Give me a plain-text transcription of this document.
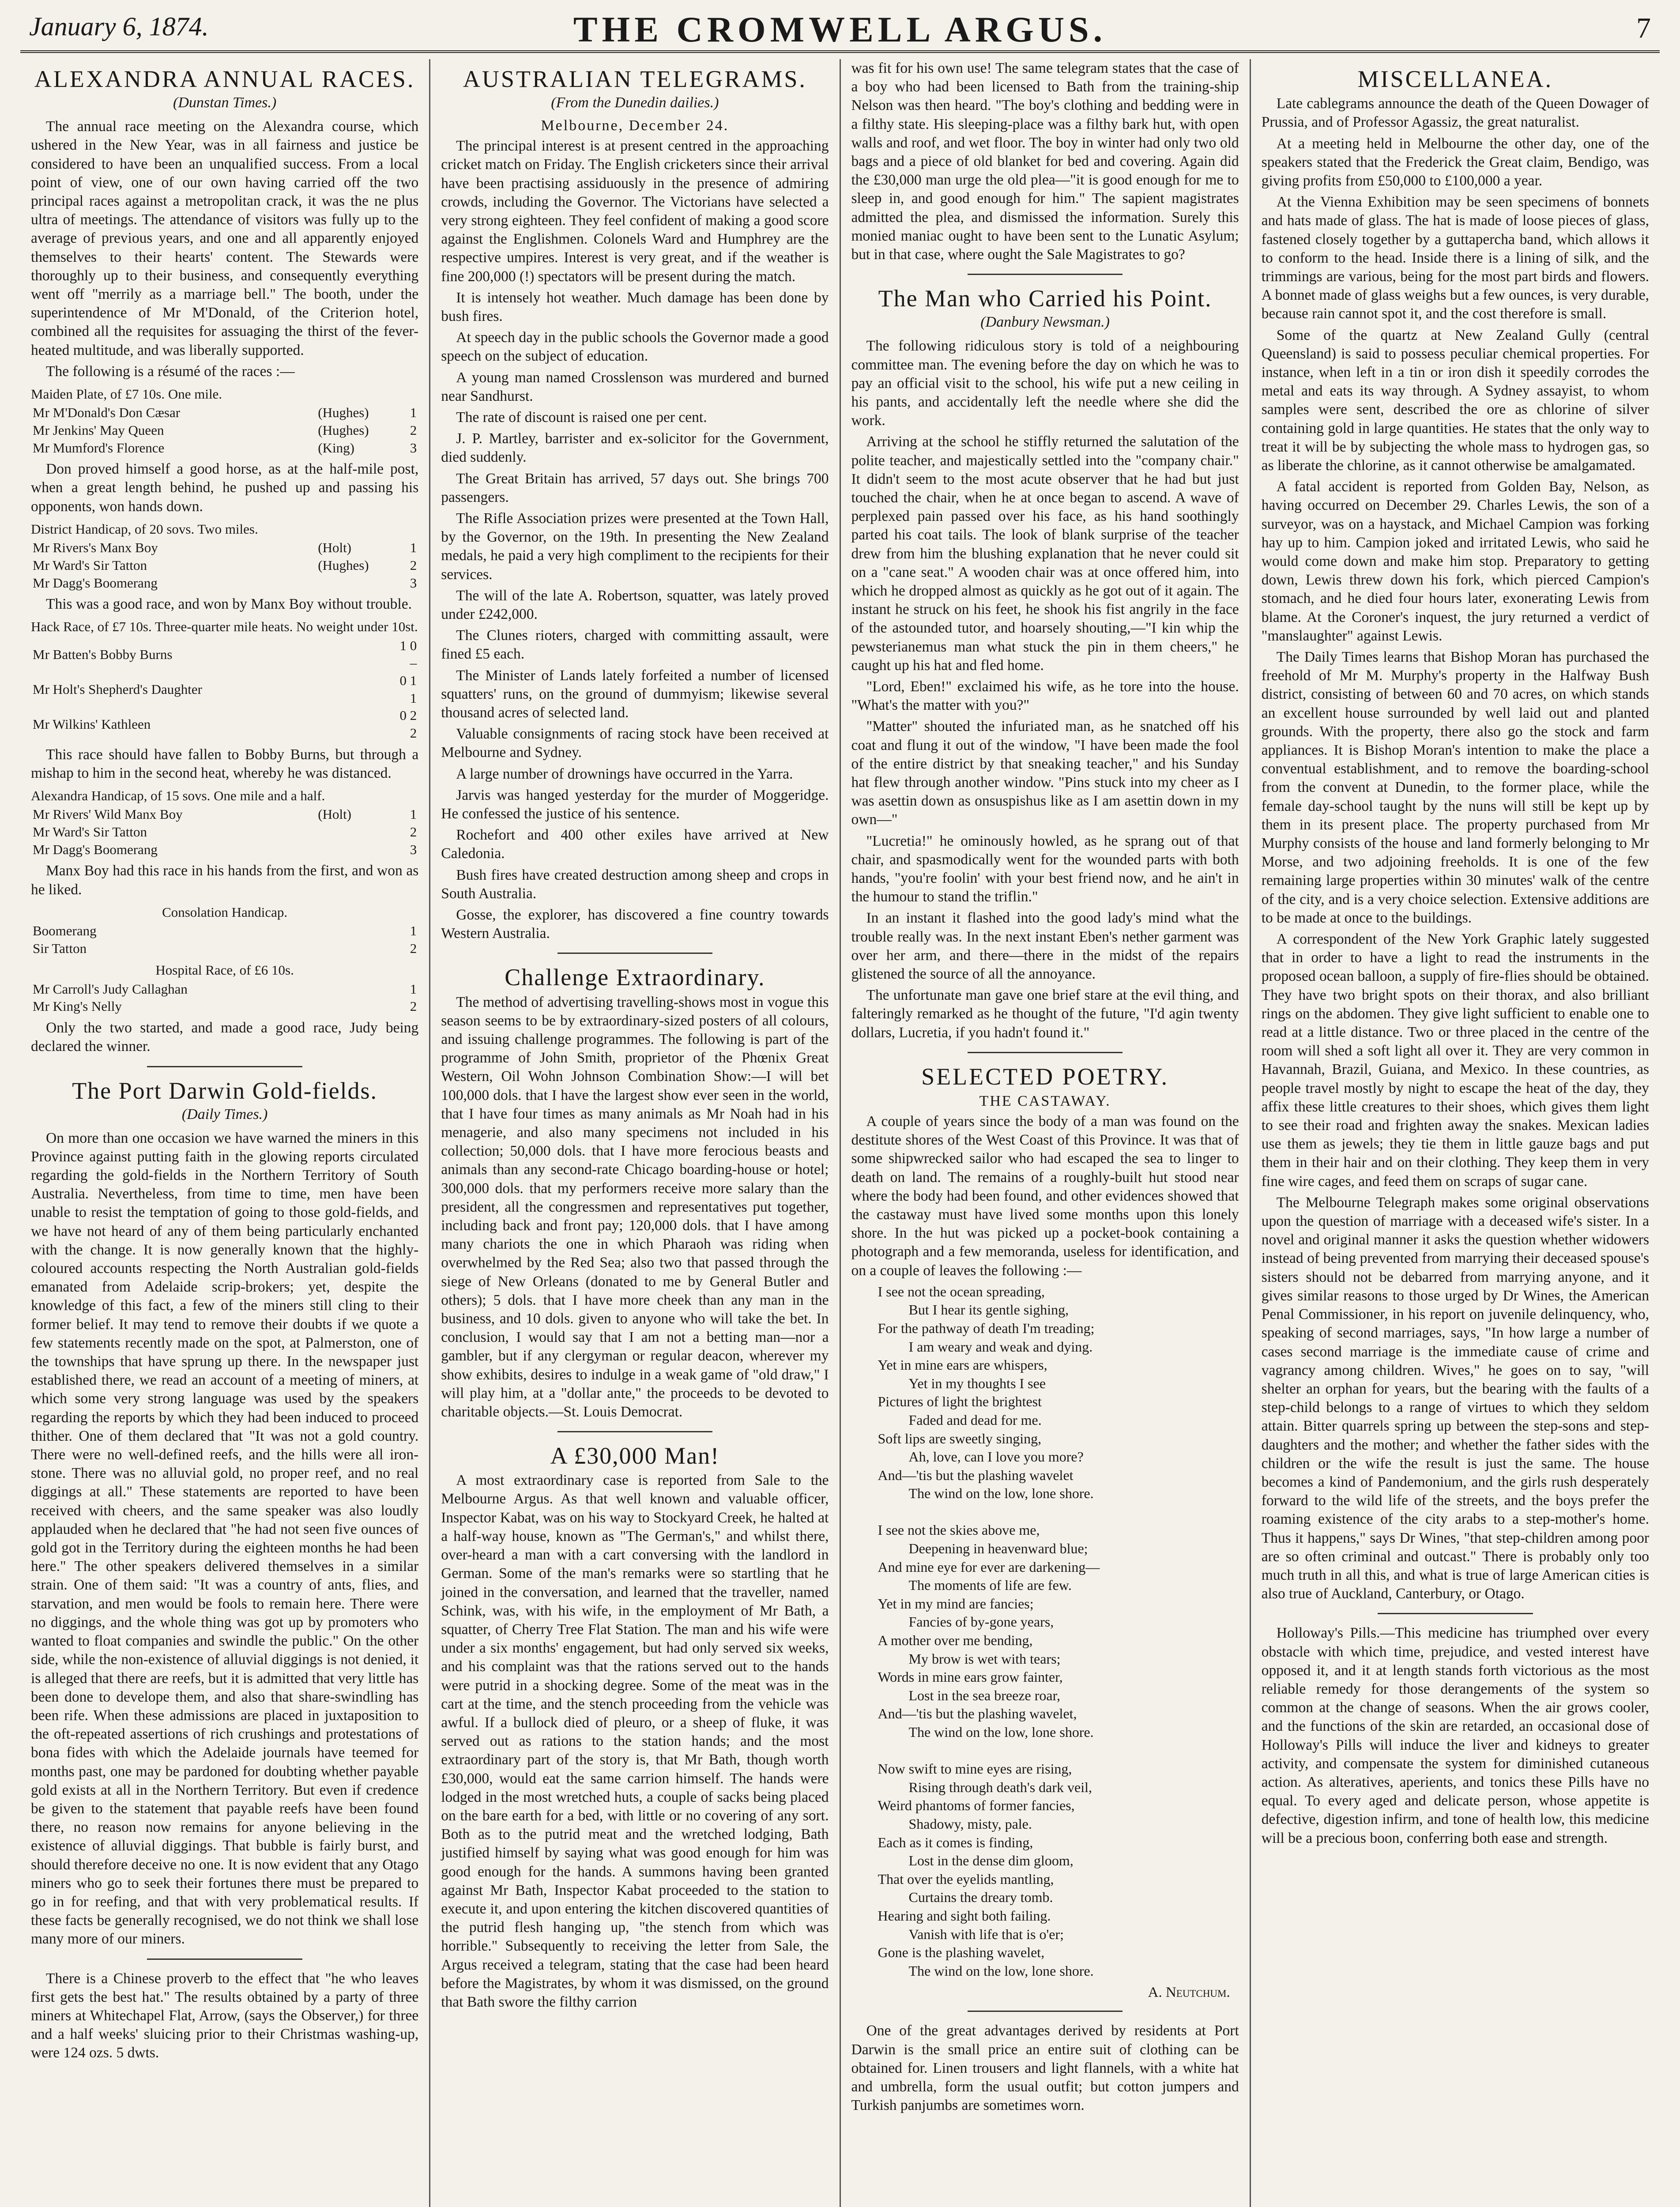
January 6, 1874.	THE CROMWELL ARGUS.	7
ALEXANDRA ANNUAL RACES.
(Dunstan Times.)

The annual race meeting on the Alexandra course, which ushered in the New Year, was in all fairness and justice be considered to have been an unqualified success. From a local point of view, one of our own having carried off the two principal races against a metropolitan crack, it was the ne plus ultra of meetings. The attendance of visitors was fully up to the average of previous years, and one and all apparently enjoyed themselves to their hearts' content. The Stewards were thoroughly up to their business, and consequently everything went off "merrily as a marriage bell." The booth, under the superintendence of Mr M'Donald, of the Criterion hotel, combined all the requisites for assuaging the thirst of the fever-heated multitude, and was liberally supported.

The following is a résumé of the races :—

Maiden Plate, of £7 10s. One mile.
Mr M'Donald's Don Cæsar	(Hughes)	1
Mr Jenkins' May Queen	(Hughes)	2
Mr Mumford's Florence	(King)	3

Don proved himself a good horse, as at the half-mile post, when a great length behind, he pushed up and passing his opponents, won hands down.

District Handicap, of 20 sovs. Two miles.
Mr Rivers's Manx Boy	(Holt)	1
Mr Ward's Sir Tatton	(Hughes)	2
Mr Dagg's Boomerang		3

This was a good race, and won by Manx Boy without trouble.

Hack Race, of £7 10s. Three-quarter mile heats. No weight under 10st.
Mr Batten's Bobby Burns		1 0 –
Mr Holt's Shepherd's Daughter		0 1 1
Mr Wilkins' Kathleen		0 2 2

This race should have fallen to Bobby Burns, but through a mishap to him in the second heat, whereby he was distanced.

Alexandra Handicap, of 15 sovs. One mile and a half.
Mr Rivers' Wild Manx Boy	(Holt)	1
Mr Ward's Sir Tatton		2
Mr Dagg's Boomerang		3

Manx Boy had this race in his hands from the first, and won as he liked.

Consolation Handicap.
Boomerang		1
Sir Tatton		2
Hospital Race, of £6 10s.
Mr Carroll's Judy Callaghan		1
Mr King's Nelly		2

Only the two started, and made a good race, Judy being declared the winner.

The Port Darwin Gold-fields.
(Daily Times.)

On more than one occasion we have warned the miners in this Province against putting faith in the glowing reports circulated regarding the gold-fields in the Northern Territory of South Australia. Nevertheless, from time to time, men have been unable to resist the temptation of going to those gold-fields, and we have not heard of any of them being particularly enchanted with the change. It is now generally known that the highly-coloured accounts respecting the North Australian gold-fields emanated from Adelaide scrip-brokers; yet, despite the knowledge of this fact, a few of the miners still cling to their former belief. It may tend to remove their doubts if we quote a few statements recently made on the spot, at Palmerston, one of the townships that have sprung up there. In the newspaper just established there, we read an account of a meeting of miners, at which some very strong language was used by the speakers regarding the reports by which they had been induced to proceed thither. One of them declared that "It was not a gold country. There were no well-defined reefs, and the hills were all iron-stone. There was no alluvial gold, no proper reef, and no real diggings at all." These statements are reported to have been received with cheers, and the same speaker was also loudly applauded when he declared that "he had not seen five ounces of gold got in the Territory during the eighteen months he had been here." The other speakers delivered themselves in a similar strain. One of them said: "It was a country of ants, flies, and starvation, and men would be fools to remain here. There were no diggings, and the whole thing was got up by promoters who wanted to float companies and swindle the public." On the other side, while the non-existence of alluvial diggings is not denied, it is alleged that there are reefs, but it is admitted that very little has been done to develope them, and also that share-swindling has been rife. When these admissions are placed in juxtaposition to the oft-repeated assertions of rich crushings and protestations of bona fides with which the Adelaide journals have teemed for months past, one may be pardoned for doubting whether payable gold exists at all in the Northern Territory. But even if credence be given to the statement that payable reefs have been found there, no reason now remains for anyone believing in the existence of alluvial diggings. That bubble is fairly burst, and should therefore deceive no one. It is now evident that any Otago miners who go to seek their fortunes there must be prepared to go in for reefing, and that with very problematical results. If these facts be generally recognised, we do not think we shall lose many more of our miners.

There is a Chinese proverb to the effect that "he who leaves first gets the best hat." The results obtained by a party of three miners at Whitechapel Flat, Arrow, (says the Observer,) for three and a half weeks' sluicing prior to their Christmas washing-up, were 124 ozs. 5 dwts.

AUSTRALIAN TELEGRAMS.
(From the Dunedin dailies.)
Melbourne, December 24.

The principal interest is at present centred in the approaching cricket match on Friday. The English cricketers since their arrival have been practising assiduously in the presence of admiring crowds, including the Governor. The Victorians have selected a very strong eighteen. They feel confident of making a good score against the Englishmen. Colonels Ward and Humphrey are the respective umpires. Interest is very great, and if the weather is fine 200,000 (!) spectators will be present during the match.

It is intensely hot weather. Much damage has been done by bush fires.

At speech day in the public schools the Governor made a good speech on the subject of education.

A young man named Crosslenson was murdered and burned near Sandhurst.

The rate of discount is raised one per cent.

J. P. Martley, barrister and ex-solicitor for the Government, died suddenly.

The Great Britain has arrived, 57 days out. She brings 700 passengers.

The Rifle Association prizes were presented at the Town Hall, by the Governor, on the 19th. In presenting the New Zealand medals, he paid a very high compliment to the recipients for their services.

The will of the late A. Robertson, squatter, was lately proved under £242,000.

The Clunes rioters, charged with committing assault, were fined £5 each.

The Minister of Lands lately forfeited a number of licensed squatters' runs, on the ground of dummyism; likewise several thousand acres of selected land.

Valuable consignments of racing stock have been received at Melbourne and Sydney.

A large number of drownings have occurred in the Yarra.

Jarvis was hanged yesterday for the murder of Moggeridge. He confessed the justice of his sentence.

Rochefort and 400 other exiles have arrived at New Caledonia.

Bush fires have created destruction among sheep and crops in South Australia.

Gosse, the explorer, has discovered a fine country towards Western Australia.

Challenge Extraordinary.

The method of advertising travelling-shows most in vogue this season seems to be by extraordinary-sized posters of all colours, and issuing challenge programmes. The following is part of the programme of John Smith, proprietor of the Phœnix Great Western, Oil Wohn Johnson Combination Show:—I will bet 100,000 dols. that I have the largest show ever seen in the world, that I have four times as many animals as Mr Noah had in his menagerie, and also many specimens not included in his collection; 50,000 dols. that I have more ferocious beasts and animals than any second-rate Chicago boarding-house or hotel; 300,000 dols. that my performers receive more salary than the president, all the congressmen and representatives put together, including back and front pay; 120,000 dols. that I have among many chariots the one in which Pharaoh was riding when overwhelmed by the Red Sea; also two that passed through the siege of New Orleans (donated to me by General Butler and others); 5 dols. that I have more cheek than any man in the business, and 10 dols. given to anyone who will take the bet. In conclusion, I would say that I am not a betting man—nor a gambler, but if any clergyman or regular deacon, wherever my show exhibits, desires to indulge in a weak game of "old draw," I will play him, at a "dollar ante," the proceeds to be devoted to charitable objects.—St. Louis Democrat.

A £30,000 Man!

A most extraordinary case is reported from Sale to the Melbourne Argus. As that well known and valuable officer, Inspector Kabat, was on his way to Stockyard Creek, he halted at a half-way house, known as "The German's," and whilst there, over-heard a man with a cart conversing with the landlord in German. Some of the man's remarks were so startling that he joined in the conversation, and learned that the traveller, named Schink, was, with his wife, in the employment of Mr Bath, a squatter, of Cherry Tree Flat Station. The man and his wife were under a six months' engagement, but had only served six weeks, and his complaint was that the rations served out to the hands were putrid in a shocking degree. Some of the meat was in the cart at the time, and the stench proceeding from the vehicle was awful. If a bullock died of pleuro, or a sheep of fluke, it was served out as rations to the station hands; and the most extraordinary part of the story is, that Mr Bath, though worth £30,000, would eat the same carrion himself. The hands were lodged in the most wretched huts, a couple of sacks being placed on the bare earth for a bed, with little or no covering of any sort. Both as to the putrid meat and the wretched lodging, Bath justified himself by saying what was good enough for him was good enough for the hands. A summons having been granted against Mr Bath, Inspector Kabat proceeded to the station to execute it, and upon entering the kitchen discovered quantities of the putrid flesh hanging up, "the stench from which was horrible." Subsequently to receiving the letter from Sale, the Argus received a telegram, stating that the case had been heard before the Magistrates, by whom it was dismissed, on the ground that Bath swore the filthy carrion

was fit for his own use! The same telegram states that the case of a boy who had been licensed to Bath from the training-ship Nelson was then heard. "The boy's clothing and bedding were in a filthy state. His sleeping-place was a filthy bark hut, with open walls and roof, and wet floor. The boy in winter had only two old bags and a piece of old blanket for bed and covering. Again did the £30,000 man urge the old plea—"it is good enough for me to sleep in, and good enough for him." The sapient magistrates admitted the plea, and dismissed the information. Surely this monied maniac ought to have been sent to the Lunatic Asylum; but in that case, where ought the Sale Magistrates to go?

The Man who Carried his Point.
(Danbury Newsman.)

The following ridiculous story is told of a neighbouring committee man. The evening before the day on which he was to pay an official visit to the school, his wife put a new ceiling in his pants, and accidentally left the needle where she did the work.

Arriving at the school he stiffly returned the salutation of the polite teacher, and majestically settled into the "company chair." It didn't seem to the most acute observer that he had but just touched the chair, when he at once began to ascend. A wave of perplexed pain passed over his face, as his hand soothingly parted his coat tails. The look of blank surprise of the teacher drew from him the blushing explanation that he never could sit on a "cane seat." A wooden chair was at once offered him, into which he dropped almost as quickly as he got out of it again. The instant he struck on his feet, he shook his fist angrily in the face of the astounded tutor, and hoarsely shouting,—"I kin whip the pewsterianemus man what stuck the pin in them cheers," he caught up his hat and fled home.

"Lord, Eben!" exclaimed his wife, as he tore into the house. "What's the matter with you?"

"Matter" shouted the infuriated man, as he snatched off his coat and flung it out of the window, "I have been made the fool of the entire district by that sneaking teacher," and his Sunday hat flew through another window. "Pins stuck into my cheer as I was asettin down as onsuspishus like as I am asettin down in my own—"

"Lucretia!" he ominously howled, as he sprang out of that chair, and spasmodically went for the wounded parts with both hands, "you're foolin' with your best friend now, and he ain't in the humour to stand the triflin."

In an instant it flashed into the good lady's mind what the trouble really was. In the next instant Eben's nether garment was over her arm, and there—there in the midst of the repairs glistened the source of all the annoyance.

The unfortunate man gave one brief stare at the evil thing, and falteringly remarked as he thought of the future, "I'd agin twenty dollars, Lucretia, if you hadn't found it."

SELECTED POETRY.
THE CASTAWAY.

A couple of years since the body of a man was found on the destitute shores of the West Coast of this Province. It was that of some shipwrecked sailor who had escaped the sea to linger to death on land. The remains of a roughly-built hut stood near where the body had been found, and other evidences showed that the castaway must have lived some months upon this lonely shore. In the hut was picked up a pocket-book containing a photograph and a few memoranda, useless for identification, and on a couple of leaves the following :—

I see not the ocean spreading,
But I hear its gentle sighing,
For the pathway of death I'm treading;
I am weary and weak and dying.
Yet in mine ears are whispers,
Yet in my thoughts I see
Pictures of light the brightest
Faded and dead for me.
Soft lips are sweetly singing,
Ah, love, can I love you more?
And—'tis but the plashing wavelet
The wind on the low, lone shore.

I see not the skies above me,
Deepening in heavenward blue;
And mine eye for ever are darkening—
The moments of life are few.
Yet in my mind are fancies;
Fancies of by-gone years,
A mother over me bending,
My brow is wet with tears;
Words in mine ears grow fainter,
Lost in the sea breeze roar,
And—'tis but the plashing wavelet,
The wind on the low, lone shore.

Now swift to mine eyes are rising,
Rising through death's dark veil,
Weird phantoms of former fancies,
Shadowy, misty, pale.
Each as it comes is finding,
Lost in the dense dim gloom,
That over the eyelids mantling,
Curtains the dreary tomb.
Hearing and sight both failing.
Vanish with life that is o'er;
Gone is the plashing wavelet,
The wind on the low, lone shore.
A. Neutchum.

One of the great advantages derived by residents at Port Darwin is the small price an entire suit of clothing can be obtained for. Linen trousers and light flannels, with a white hat and umbrella, form the usual outfit; but cotton jumpers and Turkish panjumbs are sometimes worn.

MISCELLANEA.

Late cablegrams announce the death of the Queen Dowager of Prussia, and of Professor Agassiz, the great naturalist.

At a meeting held in Melbourne the other day, one of the speakers stated that the Frederick the Great claim, Bendigo, was giving profits from £50,000 to £100,000 a year.

At the Vienna Exhibition may be seen specimens of bonnets and hats made of glass. The hat is made of loose pieces of glass, fastened closely together by a guttapercha band, which allows it to conform to the head. Inside there is a lining of silk, and the trimmings are various, being for the most part birds and flowers. A bonnet made of glass weighs but a few ounces, is very durable, because rain cannot spot it, and the cost therefore is small.

Some of the quartz at New Zealand Gully (central Queensland) is said to possess peculiar chemical properties. For instance, when left in a tin or iron dish it speedily corrodes the metal and eats its way through. A Sydney assayist, to whom samples were sent, described the ore as chlorine of silver containing gold in large quantities. He states that the only way to treat it will be by subjecting the whole mass to hydrogen gas, so as liberate the chlorine, as it cannot otherwise be amalgamated.

A fatal accident is reported from Golden Bay, Nelson, as having occurred on December 29. Charles Lewis, the son of a surveyor, was on a haystack, and Michael Campion was forking hay up to him. Campion joked and irritated Lewis, who said he would come down and make him stop. Preparatory to getting down, Lewis threw down his fork, which pierced Campion's stomach, and he died four hours later, exonerating Lewis from blame. At the Coroner's inquest, the jury returned a verdict of "manslaughter" against Lewis.

The Daily Times learns that Bishop Moran has purchased the freehold of Mr M. Murphy's property in the Halfway Bush district, consisting of between 60 and 70 acres, on which stands an excellent house surrounded by well laid out and planted grounds. With the property, there also go the stock and farm appliances. It is Bishop Moran's intention to make the place a conventual establishment, and to remove the boarding-school from the convent at Dunedin, to the former place, while the female day-school taught by the nuns will still be kept up by them in its present place. The property purchased from Mr Murphy consists of the house and land formerly belonging to Mr Morse, and two adjoining freeholds. It is one of the few remaining large properties within 30 minutes' walk of the centre of the city, and is a very choice selection. Extensive additions are to be made at once to the buildings.

A correspondent of the New York Graphic lately suggested that in order to have a light to read the instruments in the proposed ocean balloon, a supply of fire-flies should be obtained. They have two bright spots on their thorax, and also brilliant rings on the abdomen. They give light sufficient to enable one to read at a little distance. Two or three placed in the centre of the room will shed a soft light all over it. They are very common in Havannah, Brazil, Guiana, and Mexico. In these countries, as people travel mostly by night to escape the heat of the day, they affix these little creatures to their shoes, which gives them light to see their road and frighten away the snakes. Mexican ladies use them as jewels; they tie them in little gauze bags and put them in their hair and on their clothing. They keep them in very fine wire cages, and feed them on scraps of sugar cane.

The Melbourne Telegraph makes some original observations upon the question of marriage with a deceased wife's sister. In a novel and original manner it asks the question whether widowers instead of being prevented from marrying their deceased spouse's sisters should not be debarred from marrying anyone, and it gives similar reasons to those urged by Dr Wines, the American Penal Commissioner, in his report on juvenile delinquency, who, speaking of second marriages, says, "In how large a number of cases second marriage is the immediate cause of crime and vagrancy among children. Wives," he goes on to say, "will shelter an orphan for years, but the bearing with the faults of a step-child belongs to a range of virtues to which they seldom attain. Bitter quarrels spring up between the step-sons and step-daughters and the mother; and whether the father sides with the children or the wife the result is just the same. The house becomes a kind of Pandemonium, and the girls rush desperately forward to the wild life of the streets, and the boys prefer the roaming existence of the city arabs to a step-mother's home. Thus it happens," says Dr Wines, "that step-children among poor are so often criminal and outcast." There is probably only too much truth in all this, and what is true of large American cities is also true of Auckland, Canterbury, or Otago.

Holloway's Pills.—This medicine has triumphed over every obstacle with which time, prejudice, and vested interest have opposed it, and it at length stands forth victorious as the most reliable remedy for those derangements of the system so common at the change of seasons. When the air grows cooler, and the functions of the skin are retarded, an occasional dose of Holloway's Pills will induce the liver and kidneys to greater activity, and compensate the system for diminished cutaneous action. As alteratives, aperients, and tonics these Pills have no equal. To every aged and delicate person, whose appetite is defective, digestion infirm, and tone of health low, this medicine will be a precious boon, conferring both ease and strength.
